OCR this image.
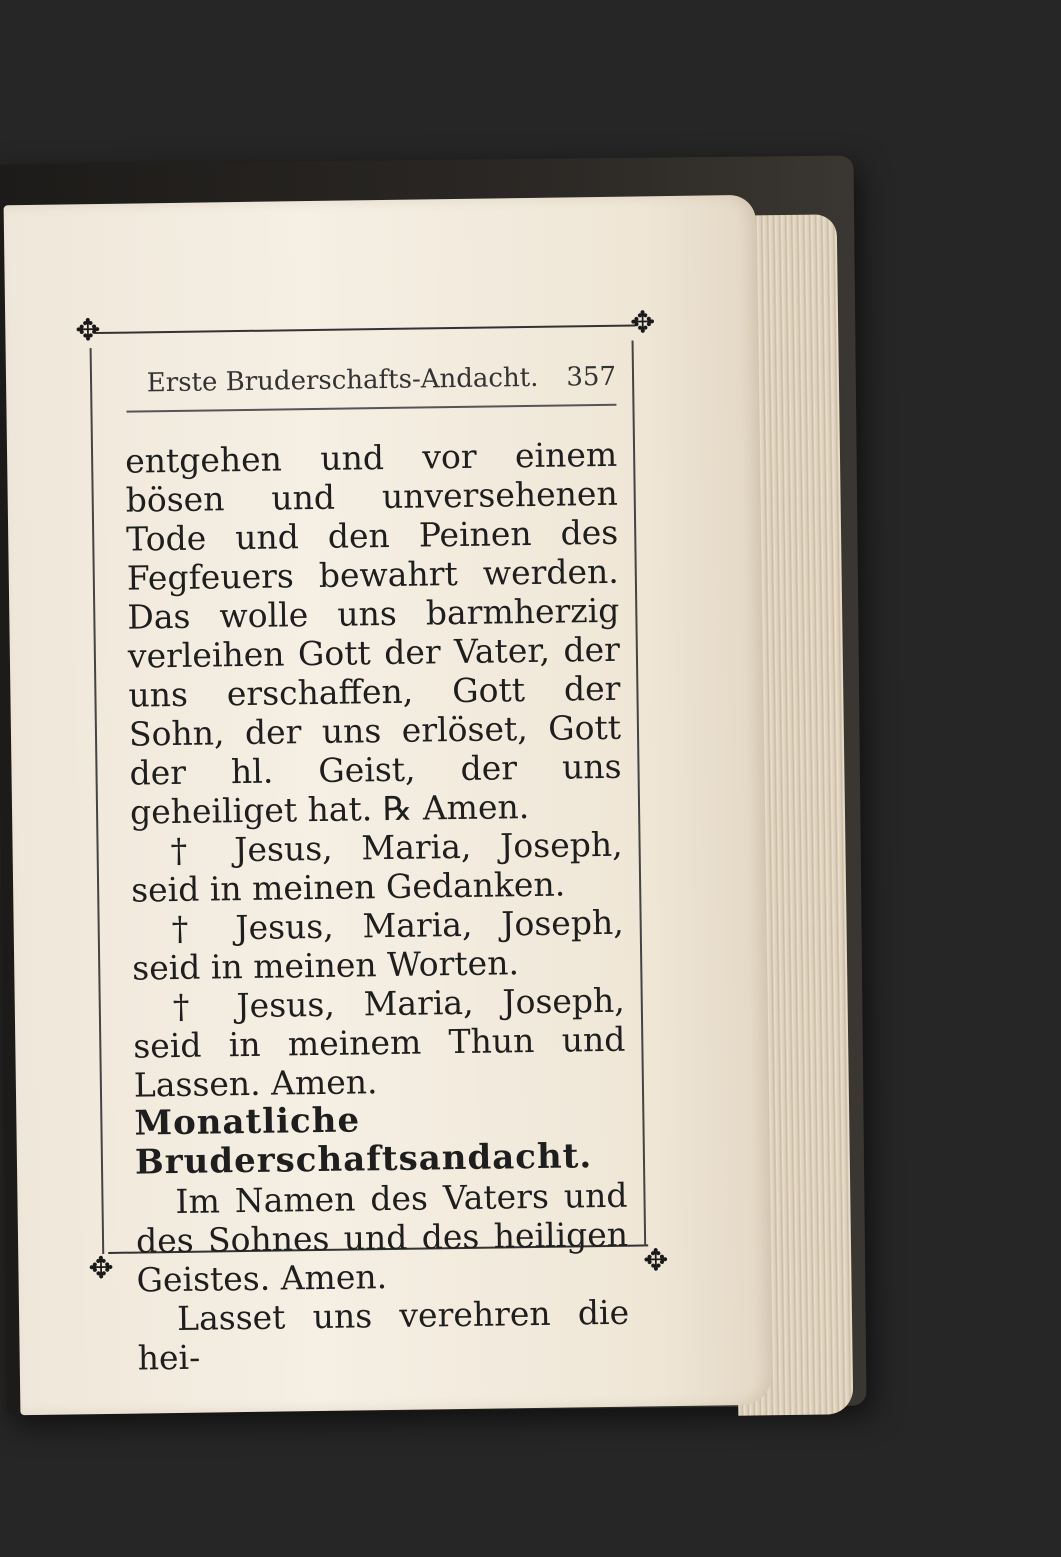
✥	✥
✥	✥
Erste Bruderschafts-Andacht. 357

entgehen und vor einem bösen und unversehenen Tode und den Peinen des Fegfeuers bewahrt werden. Das wolle uns barmherzig verleihen Gott der Vater, der uns erschaffen, Gott der Sohn, der uns erlöset, Gott der hl. Geist, der uns geheiliget hat. ℞ Amen.

† Jesus, Maria, Joseph, seid in meinen Gedanken.

† Jesus, Maria, Joseph, seid in meinen Worten.

† Jesus, Maria, Joseph, seid in meinem Thun und Lassen. Amen.

Monatliche Bruderschaftsandacht.

Im Namen des Vaters und des Sohnes und des heiligen Geistes. Amen.

Lasset uns verehren die hei-
